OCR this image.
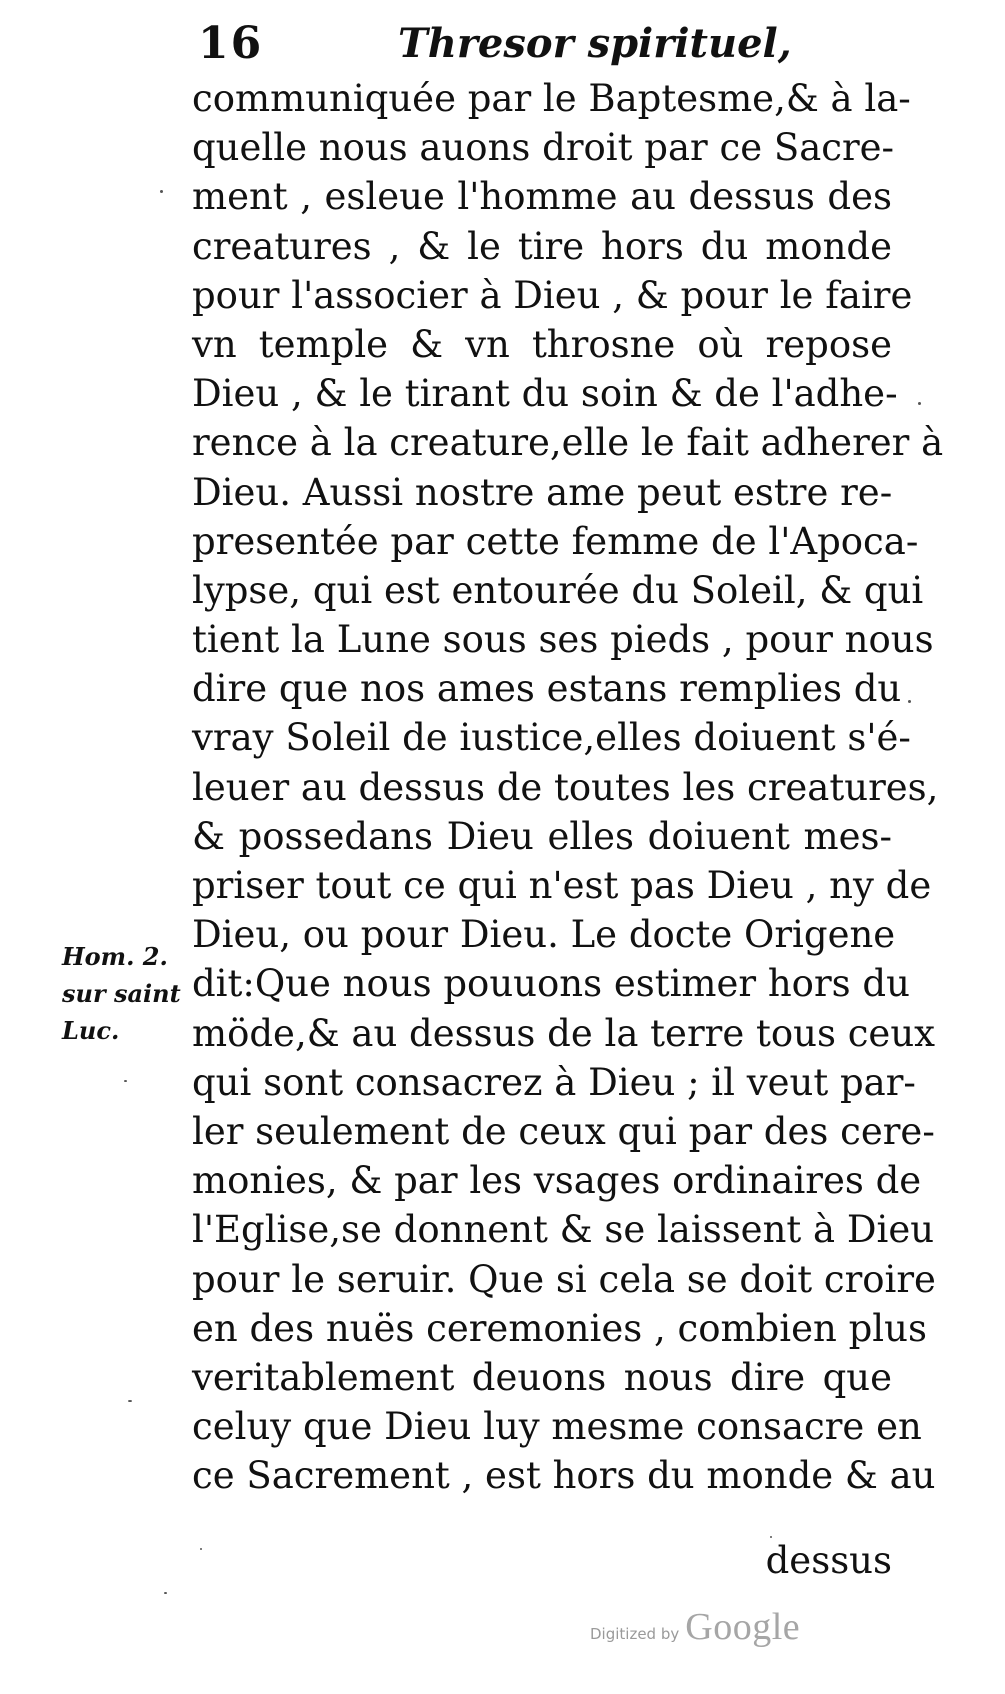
16	Thresor spirituel,
Hom. 2.
sur saint
Luc.
communiquée par le Baptesme,& à la-
quelle nous auons droit par ce Sacre-
ment , esleue l'homme au dessus des
creatures , & le tire hors du monde
pour l'associer à Dieu , & pour le faire
vn temple & vn throsne où repose
Dieu , & le tirant du soin & de l'adhe-
rence à la creature,elle le fait adherer à
Dieu. Aussi nostre ame peut estre re-
presentée par cette femme de l'Apoca-
lypse, qui est entourée du Soleil, & qui
tient la Lune sous ses pieds , pour nous
dire que nos ames estans remplies du
vray Soleil de iustice,elles doiuent s'é-
leuer au dessus de toutes les creatures,
& possedans Dieu elles doiuent mes-
priser tout ce qui n'est pas Dieu , ny de
Dieu, ou pour Dieu. Le docte Origene
dit:Que nous pouuons estimer hors du
möde,& au dessus de la terre tous ceux
qui sont consacrez à Dieu ; il veut par-
ler seulement de ceux qui par des cere-
monies, & par les vsages ordinaires de
l'Eglise,se donnent & se laissent à Dieu
pour le seruir. Que si cela se doit croire
en des nuës ceremonies , combien plus
veritablement deuons nous dire que
celuy que Dieu luy mesme consacre en
ce Sacrement , est hors du monde & au
dessus
Digitized by Google
